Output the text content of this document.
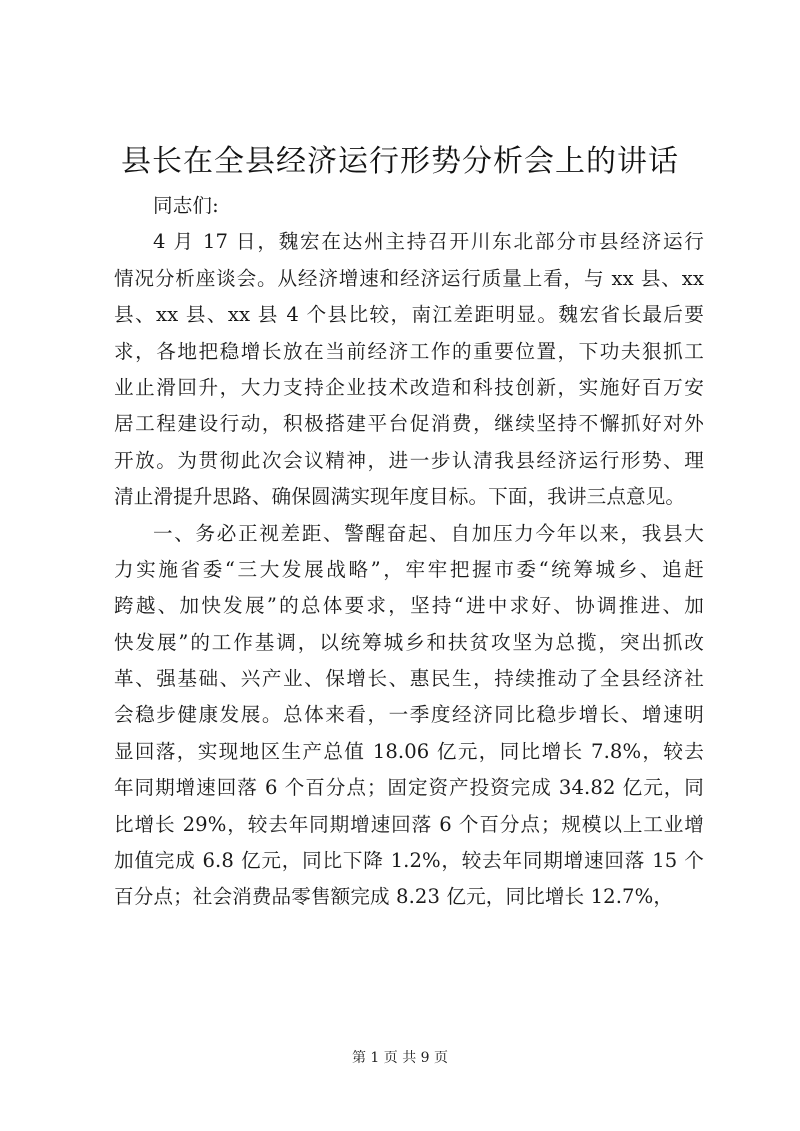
县长在全县经济运行形势分析会上的讲话
同志们:
4 月 17 日，魏宏在达州主持召开川东北部分市县经济运行
情况分析座谈会。从经济增速和经济运行质量上看，与 xx 县、xx
县、xx 县、xx 县 4 个县比较，南江差距明显。魏宏省长最后要
求，各地把稳增长放在当前经济工作的重要位置，下功夫狠抓工
业止滑回升，大力支持企业技术改造和科技创新，实施好百万安
居工程建设行动，积极搭建平台促消费，继续坚持不懈抓好对外
开放。为贯彻此次会议精神，进一步认清我县经济运行形势、理
清止滑提升思路、确保圆满实现年度目标。下面，我讲三点意见。
一、务必正视差距、警醒奋起、自加压力今年以来，我县大
力实施省委“三大发展战略”，牢牢把握市委“统筹城乡、追赶
跨越、加快发展”的总体要求，坚持“进中求好、协调推进、加
快发展”的工作基调，以统筹城乡和扶贫攻坚为总揽，突出抓改
革、强基础、兴产业、保增长、惠民生，持续推动了全县经济社
会稳步健康发展。总体来看，一季度经济同比稳步增长、增速明
显回落，实现地区生产总值 18.06 亿元，同比增长 7.8%，较去
年同期增速回落 6 个百分点；固定资产投资完成 34.82 亿元，同
比增长 29%，较去年同期增速回落 6 个百分点；规模以上工业增
加值完成 6.8 亿元，同比下降 1.2%，较去年同期增速回落 15 个
百分点；社会消费品零售额完成 8.23 亿元，同比增长 12.7%，
第 1 页 共 9 页
